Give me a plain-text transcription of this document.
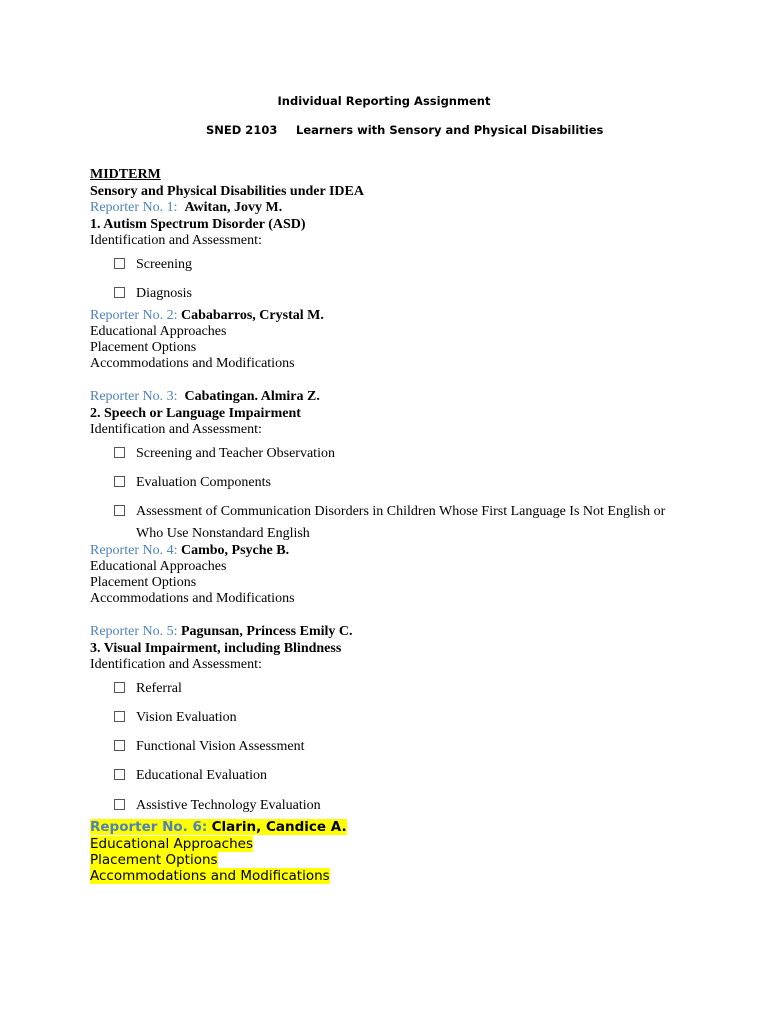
Individual Reporting Assignment
SNED 2103 Learners with Sensory and Physical Disabilities
MIDTERM
Sensory and Physical Disabilities under IDEA
Reporter No. 1: Awitan, Jovy M.
1. Autism Spectrum Disorder (ASD)
Identification and Assessment:
Screening
Diagnosis
Reporter No. 2: Cababarros, Crystal M.
Educational Approaches
Placement Options
Accommodations and Modifications
Reporter No. 3: Cabatingan. Almira Z.
2. Speech or Language Impairment
Identification and Assessment:
Screening and Teacher Observation
Evaluation Components
Assessment of Communication Disorders in Children Whose First Language Is Not English or
Who Use Nonstandard English
Reporter No. 4: Cambo, Psyche B.
Educational Approaches
Placement Options
Accommodations and Modifications
Reporter No. 5: Pagunsan, Princess Emily C.
3. Visual Impairment, including Blindness
Identification and Assessment:
Referral
Vision Evaluation
Functional Vision Assessment
Educational Evaluation
Assistive Technology Evaluation
Reporter No. 6: Clarin, Candice A.
Educational Approaches
Placement Options
Accommodations and Modifications
